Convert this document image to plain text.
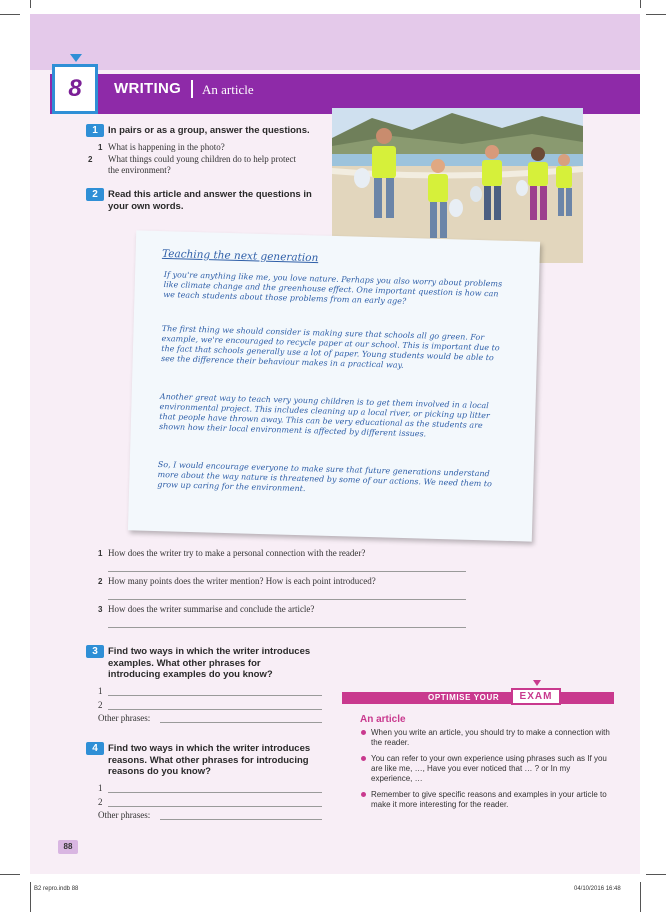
8 WRITING An article
1	In pairs or as a group, answer the questions.
1 What is happening in the photo?
2 What things could young children do to help protect the environment?
2	Read this article and answer the questions in your own words.
Teaching the next generation
If you're anything like me, you love nature. Perhaps you also worry about problems like climate change and the greenhouse effect. One important question is how can we teach students about those problems from an early age?
The first thing we should consider is making sure that schools all go green. For example, we're encouraged to recycle paper at our school. This is important due to the fact that schools generally use a lot of paper. Young students would be able to see the difference their behaviour makes in a practical way.
Another great way to teach very young children is to get them involved in a local environmental project. This includes cleaning up a local river, or picking up litter that people have thrown away. This can be very educational as the students are shown how their local environment is affected by different issues.
So, I would encourage everyone to make sure that future generations understand more about the way nature is threatened by some of our actions. We need them to grow up caring for the environment.
1 How does the writer try to make a personal connection with the reader?
2 How many points does the writer mention? How is each point introduced?
3 How does the writer summarise and conclude the article?
3	Find two ways in which the writer introduces examples. What other phrases for introducing examples do you know?
1
2
Other phrases:
4	Find two ways in which the writer introduces reasons. What other phrases for introducing reasons do you know?
1
2
Other phrases:
OPTIMISE YOUR	EXAM
An article
When you write an article, you should try to make a connection with the reader.
You can refer to your own experience using phrases such as If you are like me, …, Have you ever noticed that … ? or In my experience, …
Remember to give specific reasons and examples in your article to make it more interesting for the reader.
88
B2 repro.indb 88	04/10/2016 16:48
